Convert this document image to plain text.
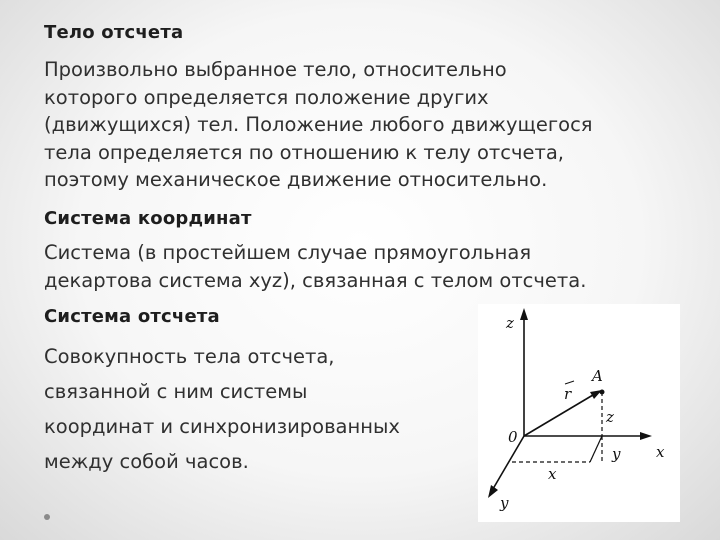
Тело отсчета
Произвольно выбранное тело, относительно
которого определяется положение других
(движущихся) тел. Положение любого движущегося
тела определяется по отношению к телу отсчета,
поэтому механическое движение относительно.
Система координат
Система (в простейшем случае прямоугольная
декартова система xyz), связанная с телом отсчета.
Система отсчета
Совокупность тела отсчета,
связанной с ним системы
координат и синхронизированных
между собой часов.
z
x
y
0
A
r
x
y
z
